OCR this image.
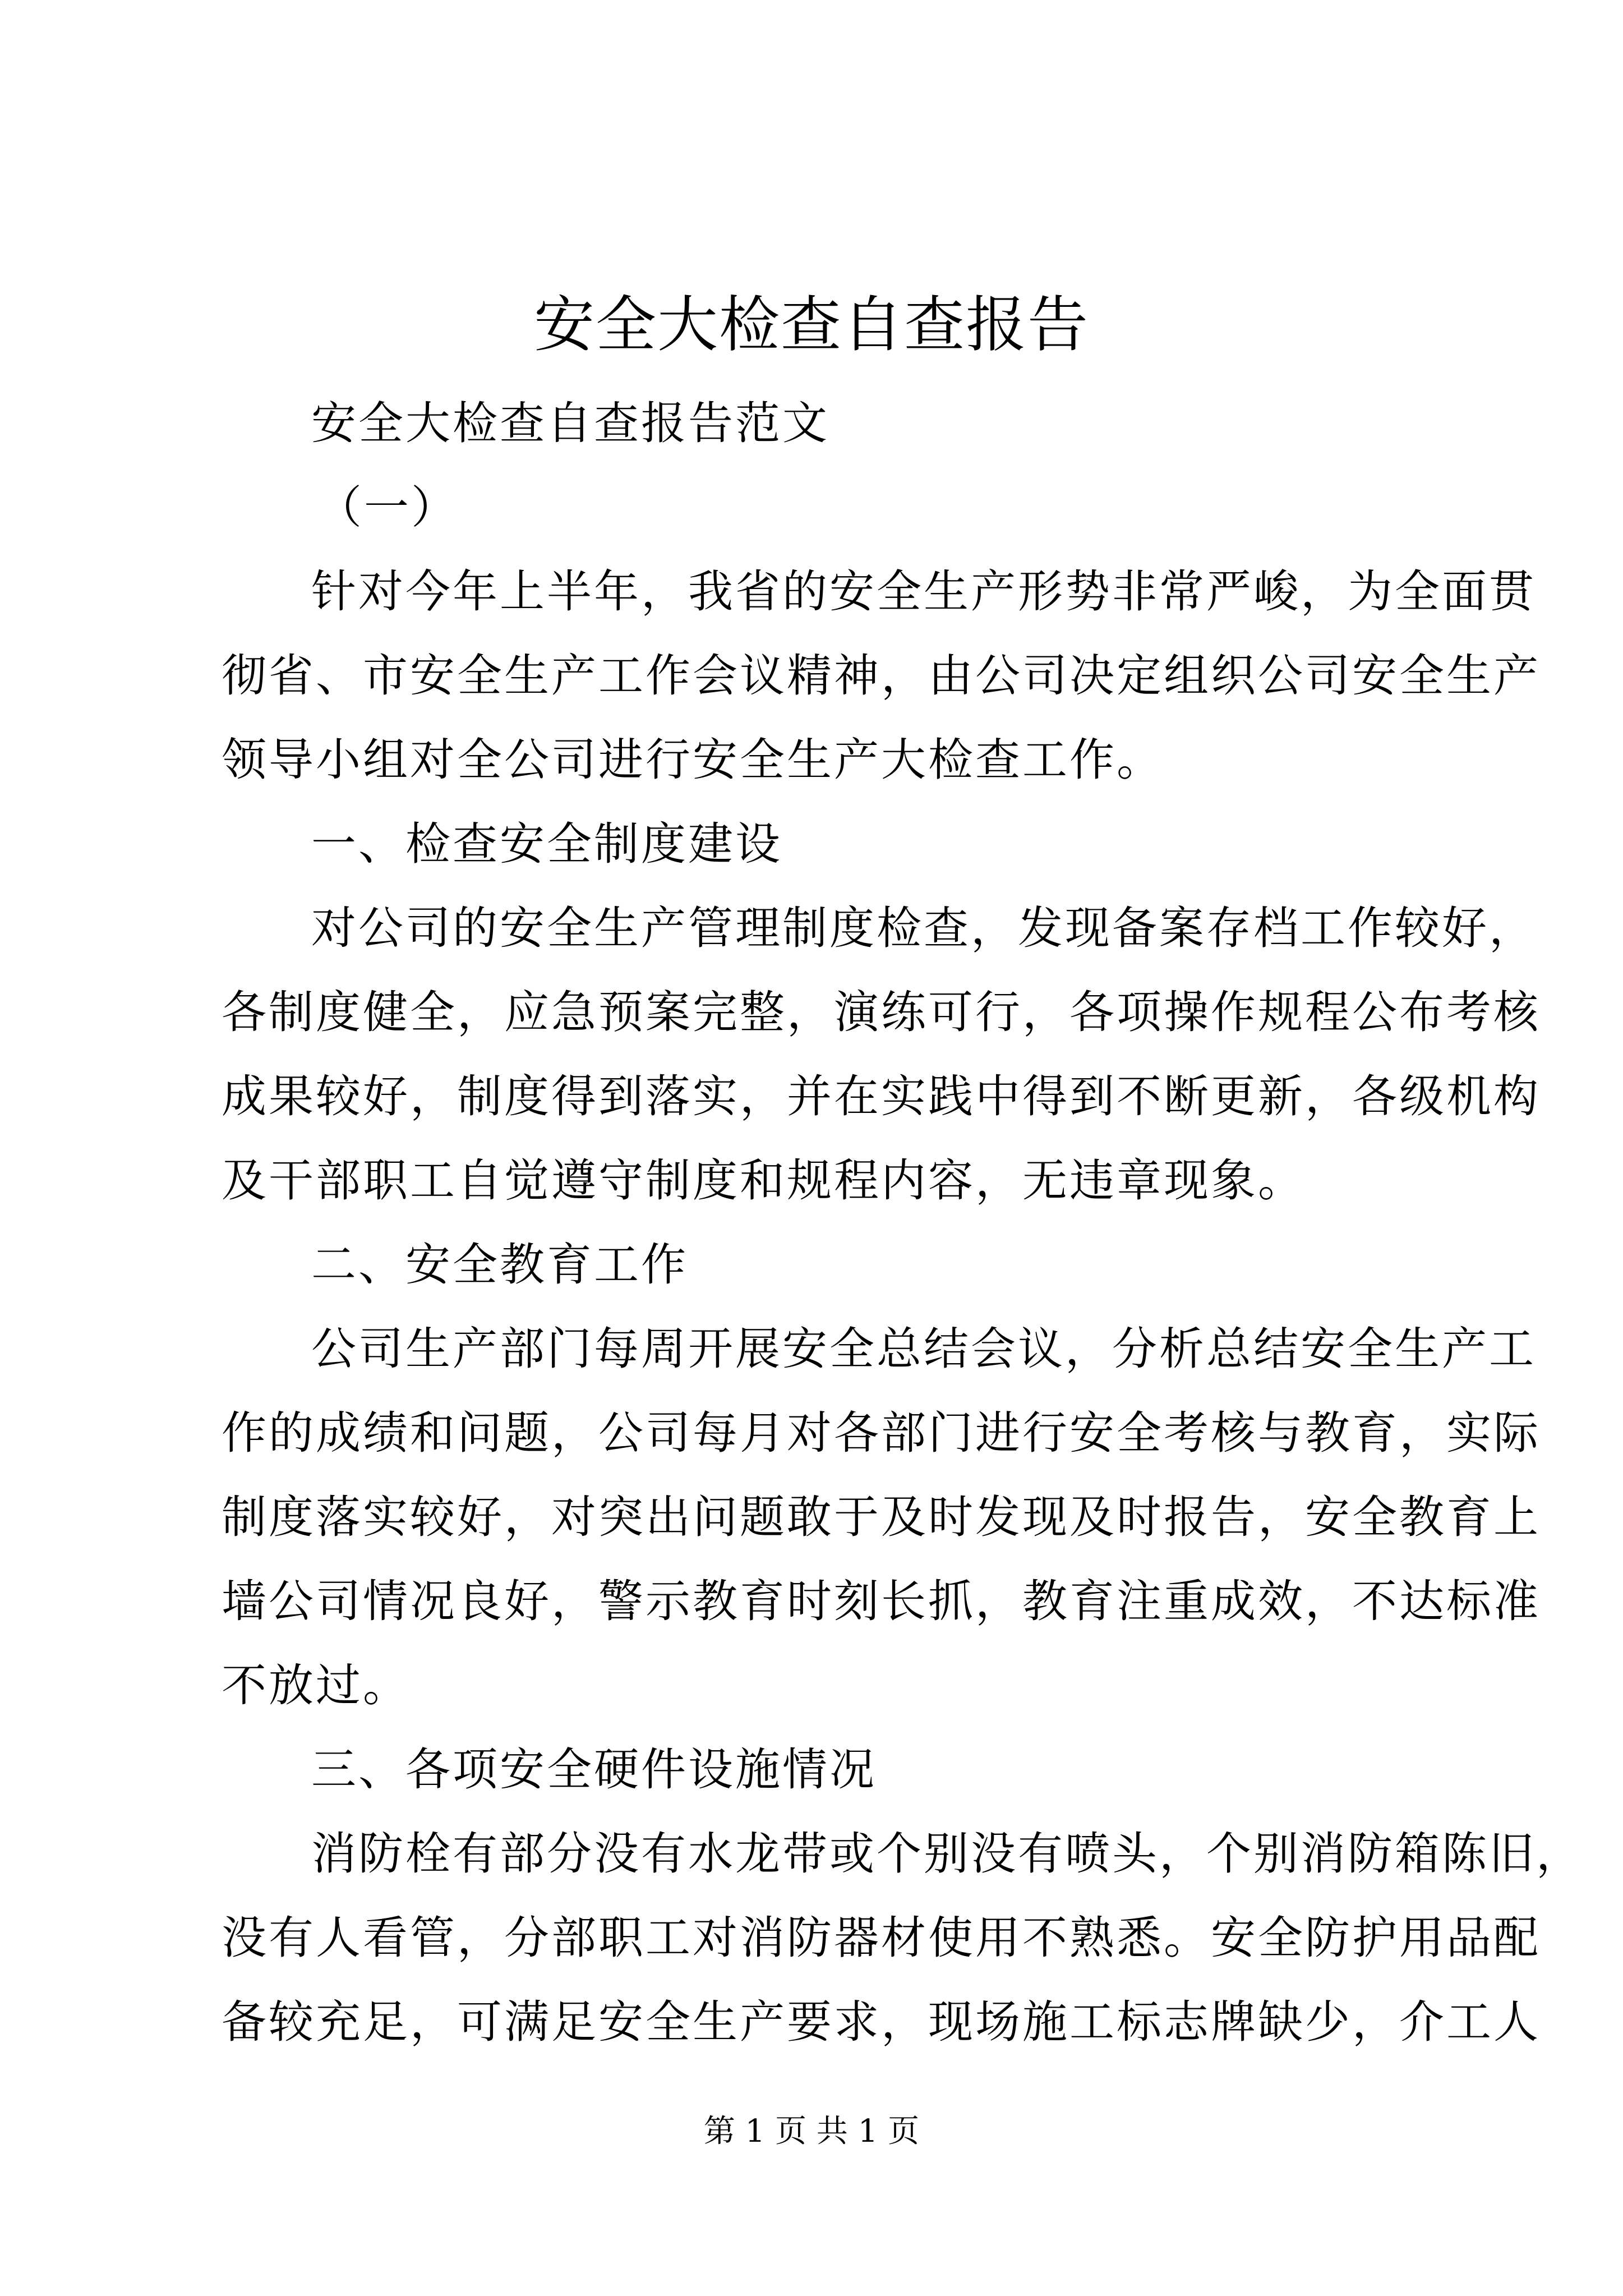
安全大检查自查报告

安全大检查自查报告范文

（一）

针对今年上半年，我省的安全生产形势非常严峻，为全面贯

彻省、市安全生产工作会议精神，由公司决定组织公司安全生产

领导小组对全公司进行安全生产大检查工作。

一、检查安全制度建设

对公司的安全生产管理制度检查，发现备案存档工作较好，

各制度健全，应急预案完整，演练可行，各项操作规程公布考核

成果较好，制度得到落实，并在实践中得到不断更新，各级机构

及干部职工自觉遵守制度和规程内容，无违章现象。

二、安全教育工作

公司生产部门每周开展安全总结会议，分析总结安全生产工

作的成绩和问题，公司每月对各部门进行安全考核与教育，实际

制度落实较好，对突出问题敢于及时发现及时报告，安全教育上

墙公司情况良好，警示教育时刻长抓，教育注重成效，不达标准

不放过。

三、各项安全硬件设施情况

消防栓有部分没有水龙带或个别没有喷头，个别消防箱陈旧，

没有人看管，分部职工对消防器材使用不熟悉。安全防护用品配

备较充足，可满足安全生产要求，现场施工标志牌缺少，介工人

第 1 页 共 1 页
